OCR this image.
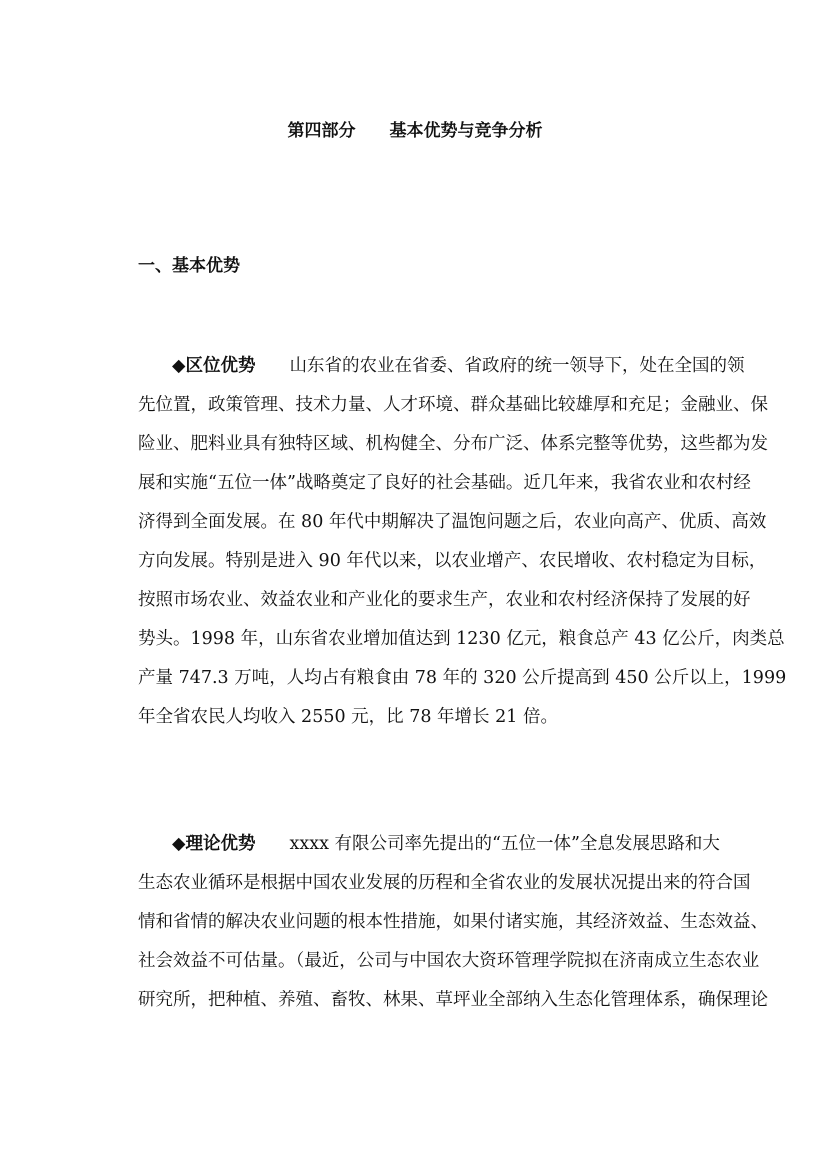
第四部分 基本优势与竞争分析
一、基本优势
◆区位优势 山东省的农业在省委、省政府的统一领导下，处在全国的领
先位置，政策管理、技术力量、人才环境、群众基础比较雄厚和充足；金融业、保
险业、肥料业具有独特区域、机构健全、分布广泛、体系完整等优势，这些都为发
展和实施“五位一体”战略奠定了良好的社会基础。近几年来，我省农业和农村经
济得到全面发展。在 80 年代中期解决了温饱问题之后，农业向高产、优质、高效
方向发展。特别是进入 90 年代以来，以农业增产、农民增收、农村稳定为目标，
按照市场农业、效益农业和产业化的要求生产，农业和农村经济保持了发展的好
势头。1998 年，山东省农业增加值达到 1230 亿元，粮食总产 43 亿公斤，肉类总
产量 747.3 万吨，人均占有粮食由 78 年的 320 公斤提高到 450 公斤以上，1999
年全省农民人均收入 2550 元，比 78 年增长 21 倍。
◆理论优势 xxxx 有限公司率先提出的“五位一体”全息发展思路和大
生态农业循环是根据中国农业发展的历程和全省农业的发展状况提出来的符合国
情和省情的解决农业问题的根本性措施，如果付诸实施，其经济效益、生态效益、
社会效益不可估量。（最近，公司与中国农大资环管理学院拟在济南成立生态农业
研究所，把种植、养殖、畜牧、林果、草坪业全部纳入生态化管理体系，确保理论
